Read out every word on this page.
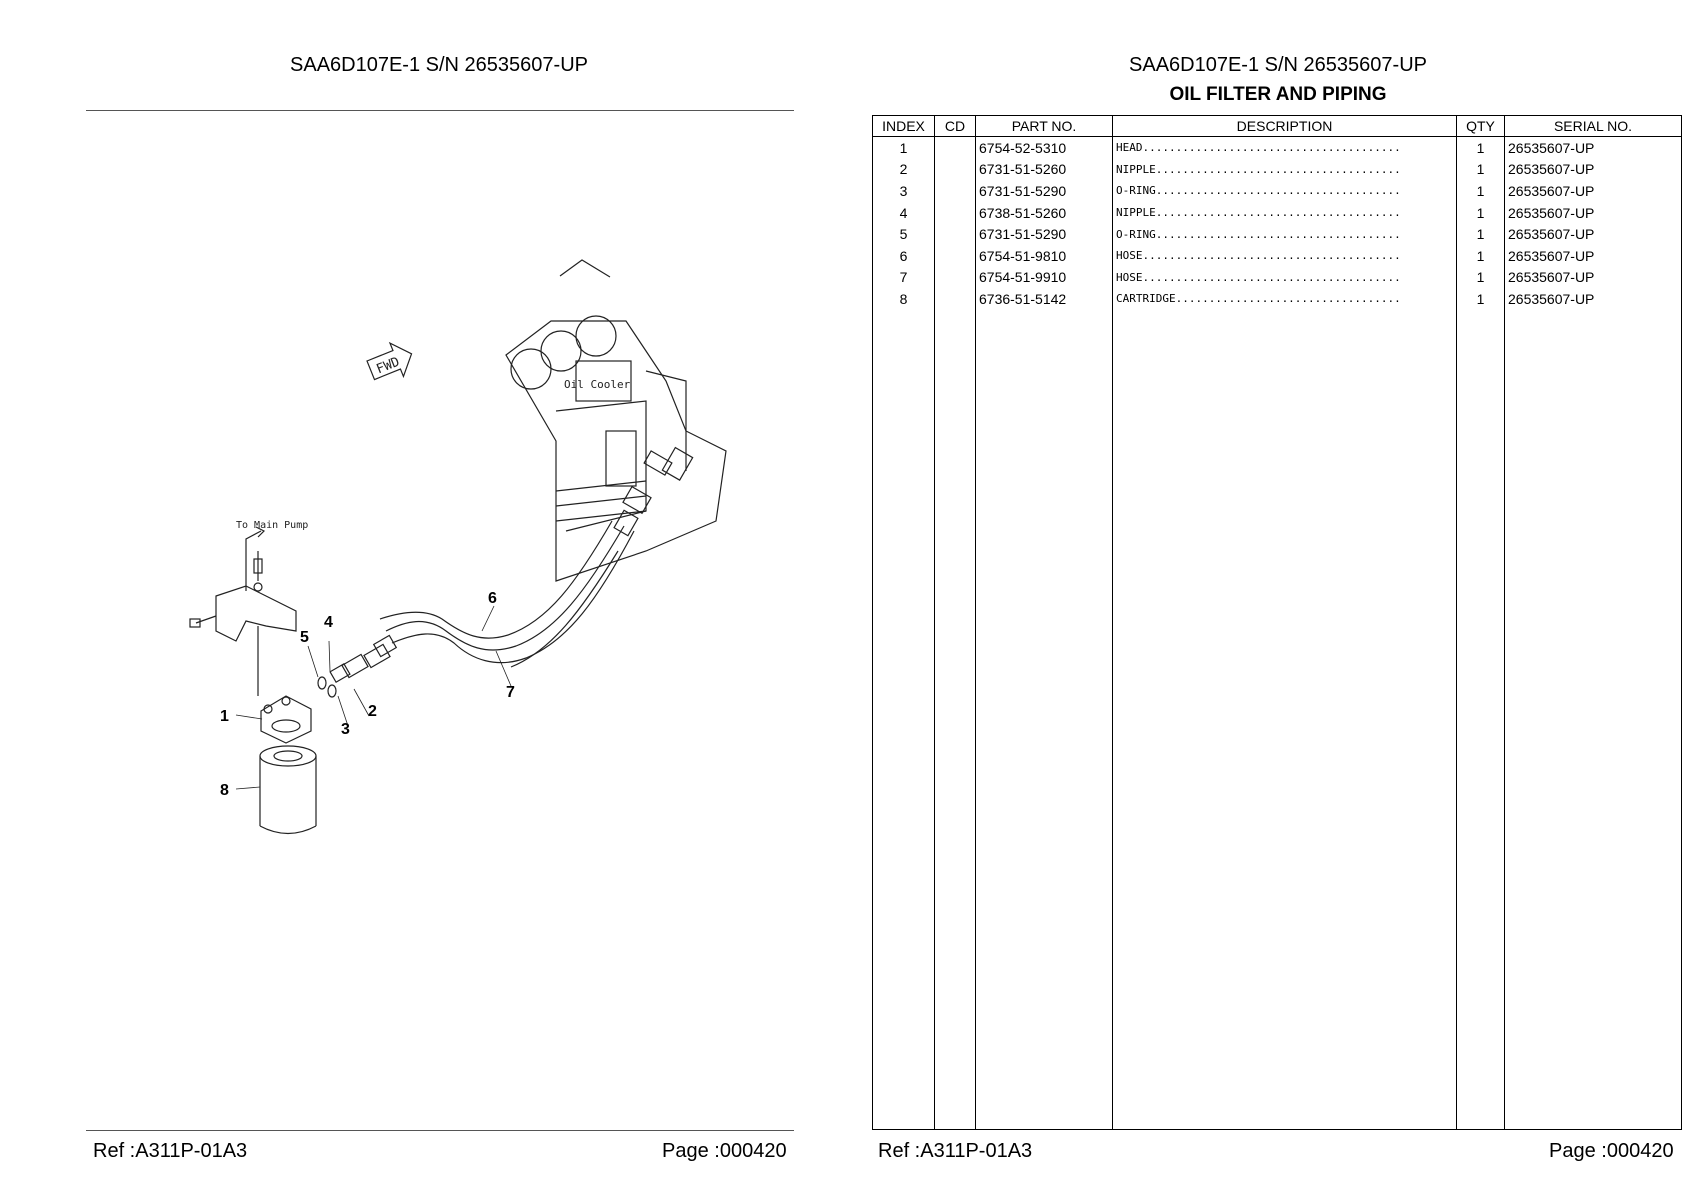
SAA6D107E-1 S/N 26535607-UP
FWD
Oil Cooler
To Main Pump
1	2
3
4
5
6
7
8
Ref :A311P-01A3	Page :000420
SAA6D107E-1 S/N 26535607-UP
OIL FILTER AND PIPING
INDEX	CD	PART NO.	DESCRIPTION	QTY	SERIAL NO.
1		6754-52-5310	HEAD.......................................	1	26535607-UP
2		6731-51-5260	NIPPLE.....................................	1	26535607-UP
3		6731-51-5290	O-RING.....................................	1	26535607-UP
4		6738-51-5260	NIPPLE.....................................	1	26535607-UP
5		6731-51-5290	O-RING.....................................	1	26535607-UP
6		6754-51-9810	HOSE.......................................	1	26535607-UP
7		6754-51-9910	HOSE.......................................	1	26535607-UP
8		6736-51-5142	CARTRIDGE..................................	1	26535607-UP

Ref :A311P-01A3	Page :000420
